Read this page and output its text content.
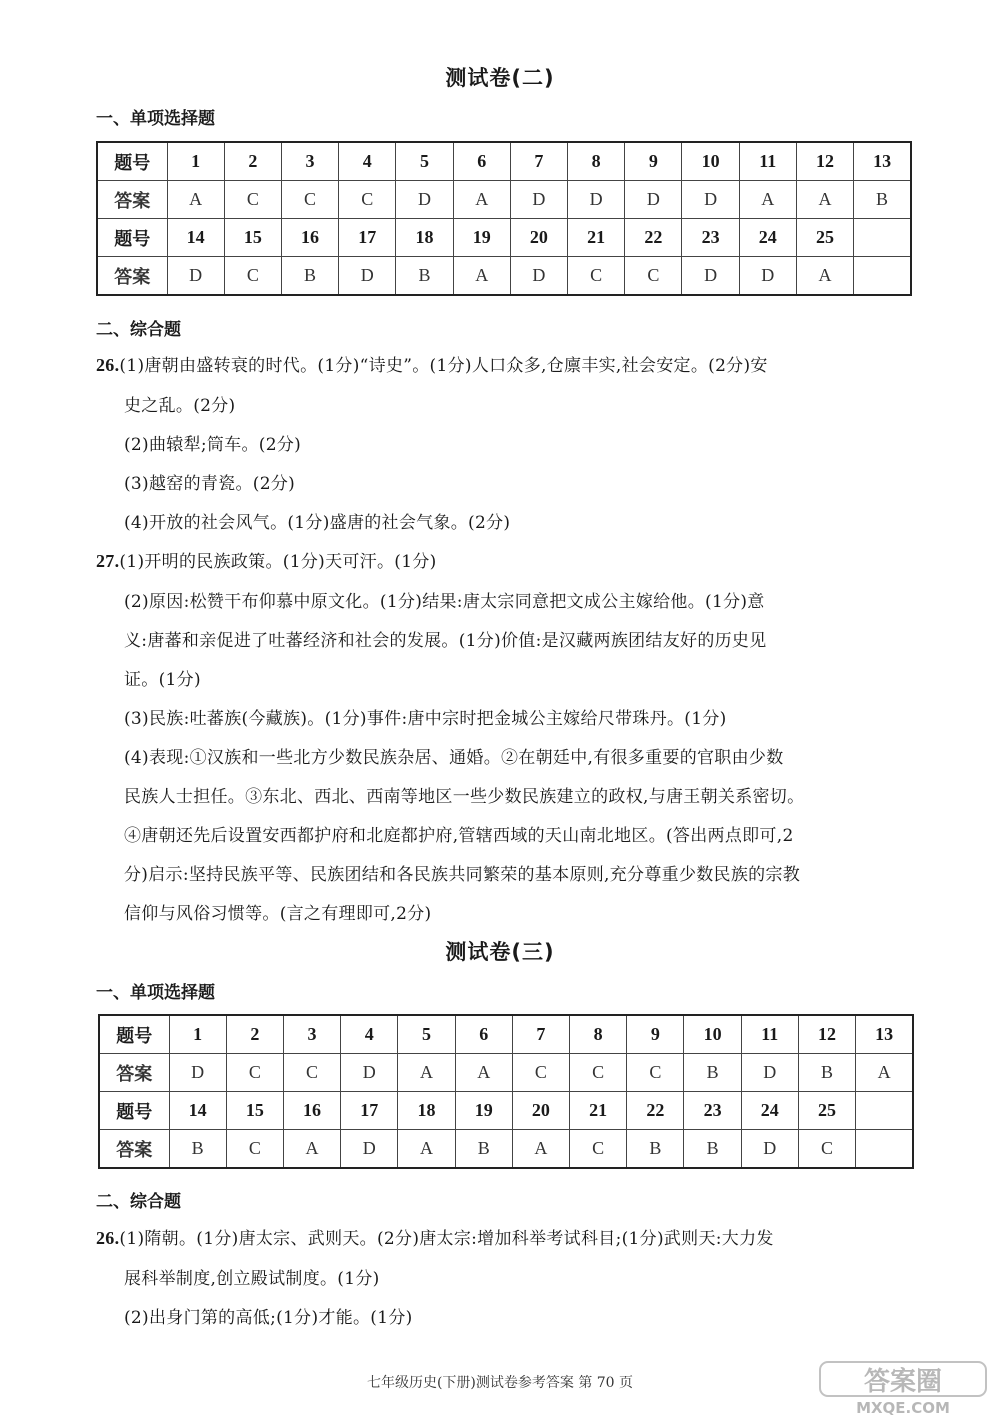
测试卷(二)
一、单项选择题
题号	1	2	3	4	5	6	7	8	9	10	11	12	13
答案	A	C	C	C	D	A	D	D	D	D	A	A	B
题号	14	15	16	17	18	19	20	21	22	23	24	25	
答案	D	C	B	D	B	A	D	C	C	D	D	A	
二、综合题
26.(1)唐朝由盛转衰的时代。(1分)“诗史”。(1分)人口众多,仓廪丰实,社会安定。(2分)安
史之乱。(2分)
(2)曲辕犁;筒车。(2分)
(3)越窑的青瓷。(2分)
(4)开放的社会风气。(1分)盛唐的社会气象。(2分)
27.(1)开明的民族政策。(1分)天可汗。(1分)
(2)原因:松赞干布仰慕中原文化。(1分)结果:唐太宗同意把文成公主嫁给他。(1分)意
义:唐蕃和亲促进了吐蕃经济和社会的发展。(1分)价值:是汉藏两族团结友好的历史见
证。(1分)
(3)民族:吐蕃族(今藏族)。(1分)事件:唐中宗时把金城公主嫁给尺带珠丹。(1分)
(4)表现:①汉族和一些北方少数民族杂居、通婚。②在朝廷中,有很多重要的官职由少数
民族人士担任。③东北、西北、西南等地区一些少数民族建立的政权,与唐王朝关系密切。
④唐朝还先后设置安西都护府和北庭都护府,管辖西域的天山南北地区。(答出两点即可,2
分)启示:坚持民族平等、民族团结和各民族共同繁荣的基本原则,充分尊重少数民族的宗教
信仰与风俗习惯等。(言之有理即可,2分)
测试卷(三)
一、单项选择题
题号	1	2	3	4	5	6	7	8	9	10	11	12	13
答案	D	C	C	D	A	A	C	C	C	B	D	B	A
题号	14	15	16	17	18	19	20	21	22	23	24	25	
答案	B	C	A	D	A	B	A	C	B	B	D	C	
二、综合题
26.(1)隋朝。(1分)唐太宗、武则天。(2分)唐太宗:增加科举考试科目;(1分)武则天:大力发
展科举制度,创立殿试制度。(1分)
(2)出身门第的高低;(1分)才能。(1分)
七年级历史(下册)测试卷参考答案 第 70 页	答案圈
MXQE.COM
